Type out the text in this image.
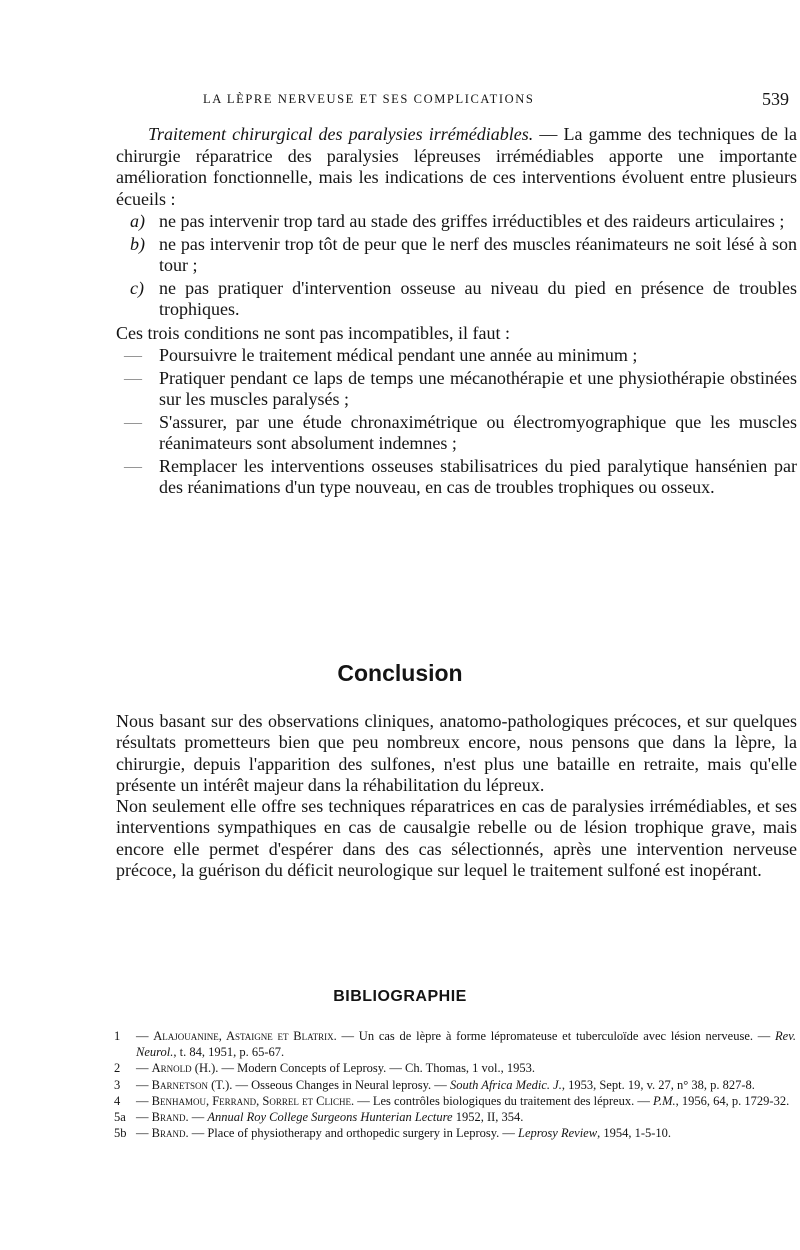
LA LÈPRE NERVEUSE ET SES COMPLICATIONS	539

Traitement chirurgical des paralysies irrémédiables. — La gamme des techniques de la chirurgie réparatrice des paralysies lépreuses irrémédiables apporte une importante amélioration fonctionnelle, mais les indications de ces interventions évoluent entre plusieurs écueils :

a) ne pas intervenir trop tard au stade des griffes irréductibles et des raideurs articulaires ;
b) ne pas intervenir trop tôt de peur que le nerf des muscles réanimateurs ne soit lésé à son tour ;
c) ne pas pratiquer d'intervention osseuse au niveau du pied en présence de troubles trophiques.

Ces trois conditions ne sont pas incompatibles, il faut :

— Poursuivre le traitement médical pendant une année au minimum ;
— Pratiquer pendant ce laps de temps une mécanothérapie et une physiothérapie obstinées sur les muscles paralysés ;
— S'assurer, par une étude chronaximétrique ou électromyographique que les muscles réanimateurs sont absolument indemnes ;
— Remplacer les interventions osseuses stabilisatrices du pied paralytique hansénien par des réanimations d'un type nouveau, en cas de troubles trophiques ou osseux.
Conclusion

Nous basant sur des observations cliniques, anatomo-pathologiques précoces, et sur quelques résultats prometteurs bien que peu nombreux encore, nous pensons que dans la lèpre, la chirurgie, depuis l'apparition des sulfones, n'est plus une bataille en retraite, mais qu'elle présente un intérêt majeur dans la réhabilitation du lépreux.

Non seulement elle offre ses techniques réparatrices en cas de paralysies irrémédiables, et ses interventions sympathiques en cas de causalgie rebelle ou de lésion trophique grave, mais encore elle permet d'espérer dans des cas sélectionnés, après une intervention nerveuse précoce, la guérison du déficit neurologique sur lequel le traitement sulfoné est inopérant.

BIBLIOGRAPHIE
1 — Alajouanine, Astaigne et Blatrix. — Un cas de lèpre à forme lépromateuse et tuberculoïde avec lésion nerveuse. — Rev. Neurol., t. 84, 1951, p. 65-67.
2 — Arnold (H.). — Modern Concepts of Leprosy. — Ch. Thomas, 1 vol., 1953.
3 — Barnetson (T.). — Osseous Changes in Neural leprosy. — South Africa Medic. J., 1953, Sept. 19, v. 27, n° 38, p. 827-8.
4 — Benhamou, Ferrand, Sorrel et Cliche. — Les contrôles biologiques du traitement des lépreux. — P.M., 1956, 64, p. 1729-32.
5a — Brand. — Annual Roy College Surgeons Hunterian Lecture 1952, II, 354.
5b — Brand. — Place of physiotherapy and orthopedic surgery in Leprosy. — Leprosy Review, 1954, 1-5-10.
